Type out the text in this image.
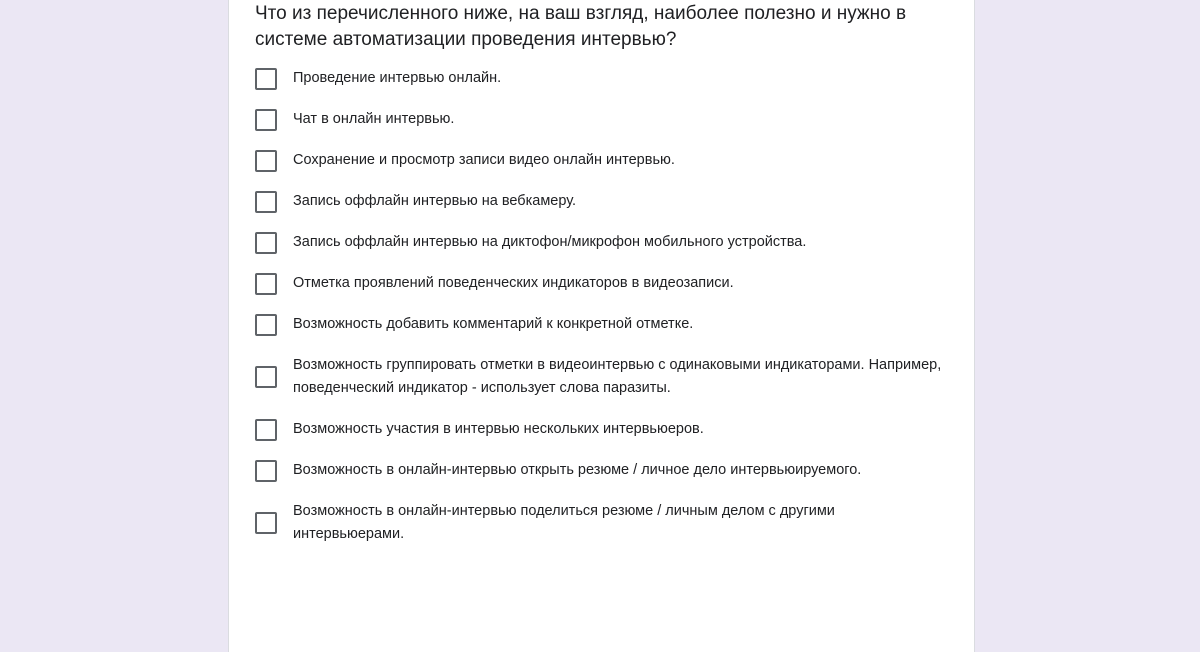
Что из перечисленного ниже, на ваш взгляд, наиболее полезно и нужно в системе автоматизации проведения интервью?
Проведение интервью онлайн.
Чат в онлайн интервью.
Сохранение и просмотр записи видео онлайн интервью.
Запись оффлайн интервью на вебкамеру.
Запись оффлайн интервью на диктофон/микрофон мобильного устройства.
Отметка проявлений поведенческих индикаторов в видеозаписи.
Возможность добавить комментарий к конкретной отметке.
Возможность группировать отметки в видеоинтервью с одинаковыми индикаторами. Например, поведенческий индикатор - использует слова паразиты.
Возможность участия в интервью нескольких интервьюеров.
Возможность в онлайн-интервью открыть резюме / личное дело интервьюируемого.
Возможность в онлайн-интервью поделиться резюме / личным делом с другими интервьюерами.
